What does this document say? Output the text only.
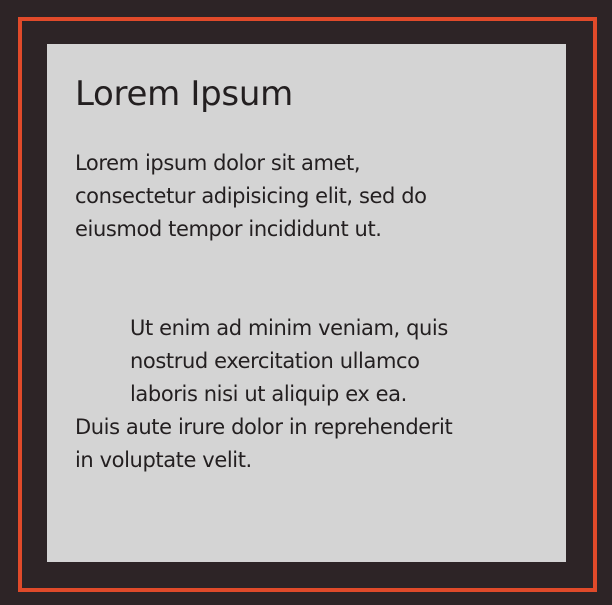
Lorem Ipsum

Lorem ipsum dolor sit amet,
consectetur adipisicing elit, sed do
eiusmod tempor incididunt ut.

Ut enim ad minim veniam, quis
nostrud exercitation ullamco
laboris nisi ut aliquip ex ea.

Duis aute irure dolor in reprehenderit
in voluptate velit.
